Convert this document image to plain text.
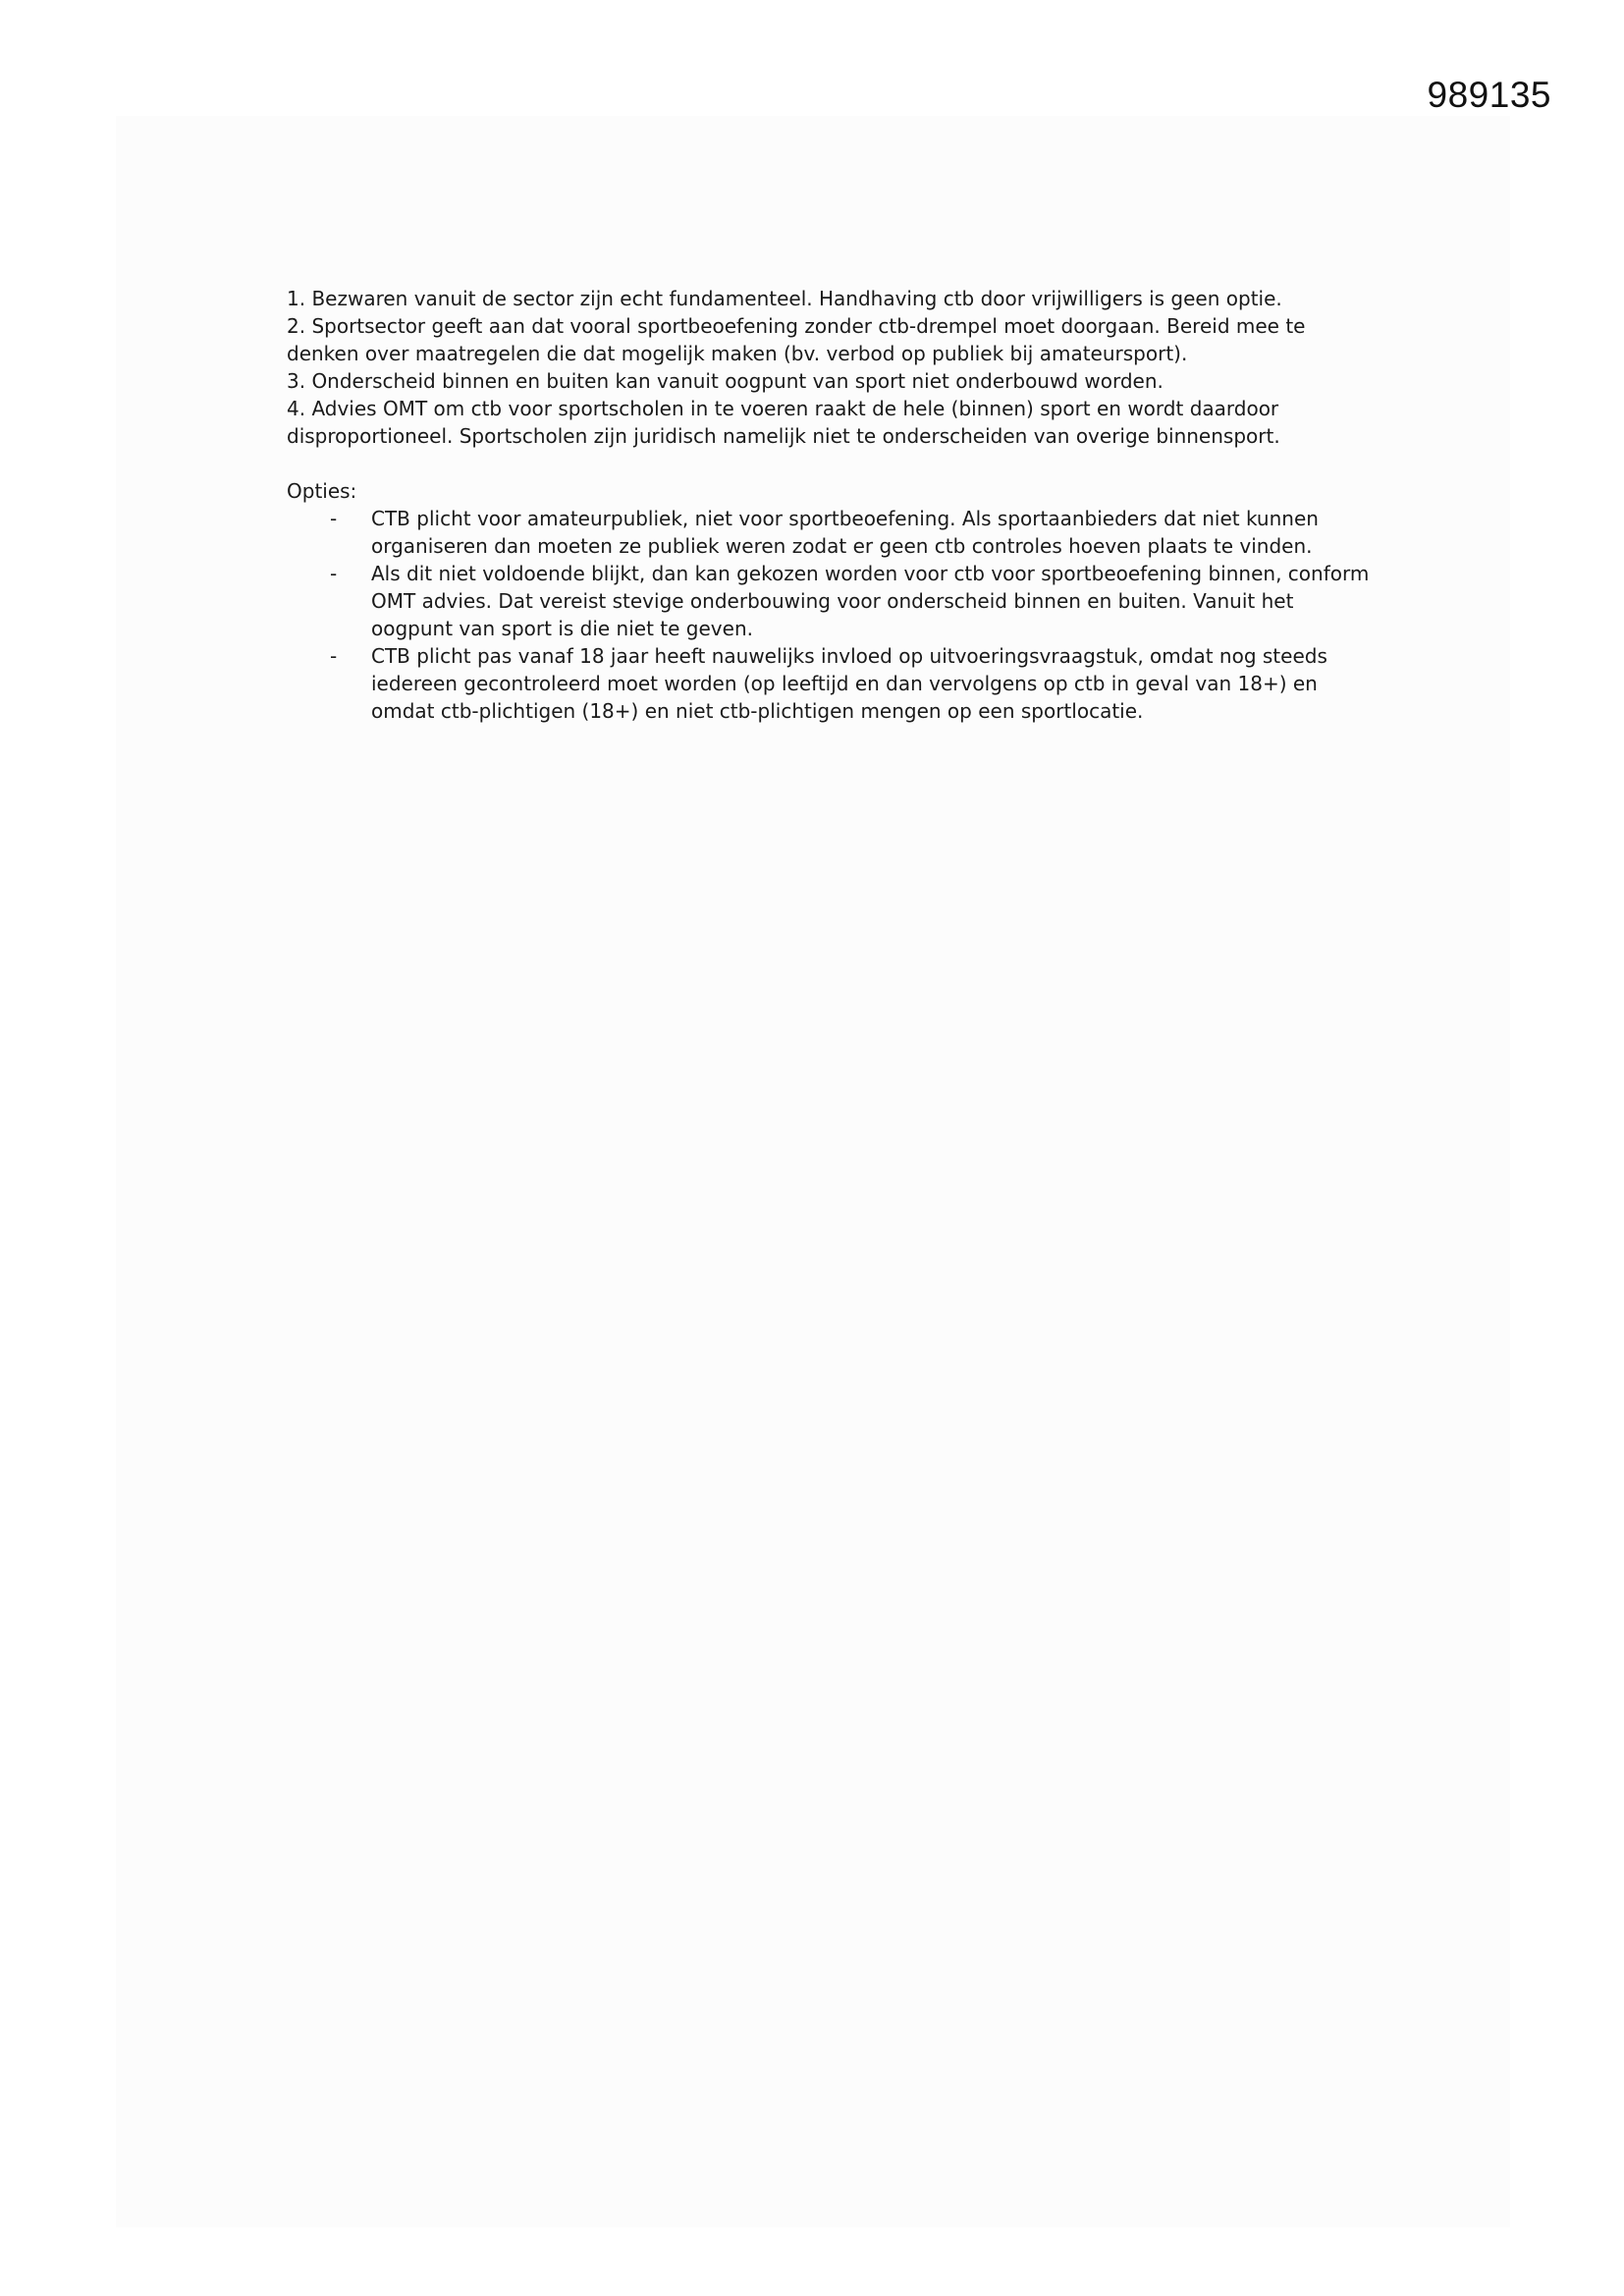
989135

1. Bezwaren vanuit de sector zijn echt fundamenteel. Handhaving ctb door vrijwilligers is geen optie.

2. Sportsector geeft aan dat vooral sportbeoefening zonder ctb-drempel moet doorgaan. Bereid mee te denken over maatregelen die dat mogelijk maken (bv. verbod op publiek bij amateursport).

3. Onderscheid binnen en buiten kan vanuit oogpunt van sport niet onderbouwd worden.

4. Advies OMT om ctb voor sportscholen in te voeren raakt de hele (binnen) sport en wordt daardoor disproportioneel. Sportscholen zijn juridisch namelijk niet te onderscheiden van overige binnensport.

Opties:

- CTB plicht voor amateurpubliek, niet voor sportbeoefening. Als sportaanbieders dat niet kunnen organiseren dan moeten ze publiek weren zodat er geen ctb controles hoeven plaats te vinden.
- Als dit niet voldoende blijkt, dan kan gekozen worden voor ctb voor sportbeoefening binnen, conform OMT advies. Dat vereist stevige onderbouwing voor onderscheid binnen en buiten. Vanuit het oogpunt van sport is die niet te geven.
- CTB plicht pas vanaf 18 jaar heeft nauwelijks invloed op uitvoeringsvraagstuk, omdat nog steeds iedereen gecontroleerd moet worden (op leeftijd en dan vervolgens op ctb in geval van 18+) en omdat ctb-plichtigen (18+) en niet ctb-plichtigen mengen op een sportlocatie.
